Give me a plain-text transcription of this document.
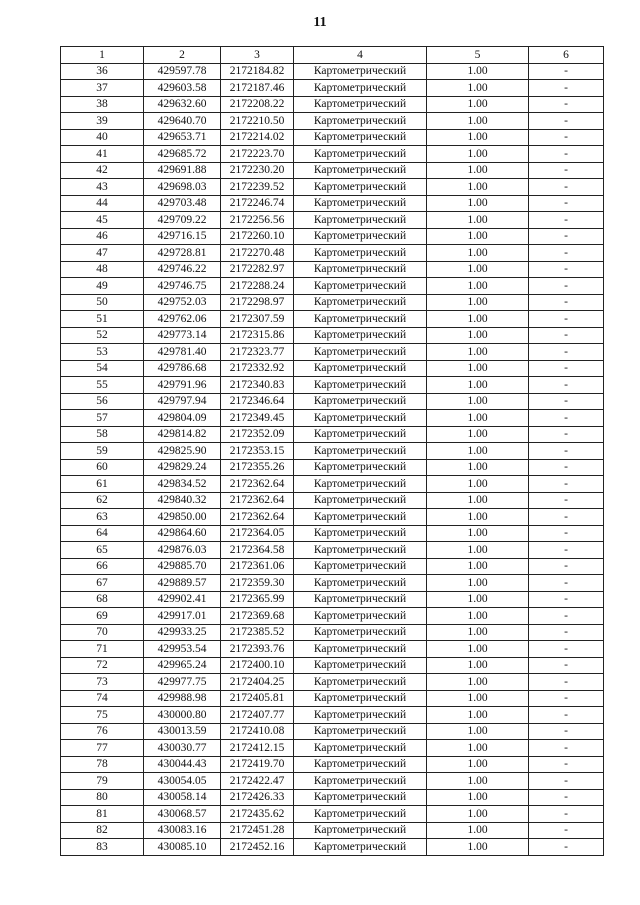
11
1	2	3	4	5	6
36	429597.78	2172184.82	Картометрический	1.00	-
37	429603.58	2172187.46	Картометрический	1.00	-
38	429632.60	2172208.22	Картометрический	1.00	-
39	429640.70	2172210.50	Картометрический	1.00	-
40	429653.71	2172214.02	Картометрический	1.00	-
41	429685.72	2172223.70	Картометрический	1.00	-
42	429691.88	2172230.20	Картометрический	1.00	-
43	429698.03	2172239.52	Картометрический	1.00	-
44	429703.48	2172246.74	Картометрический	1.00	-
45	429709.22	2172256.56	Картометрический	1.00	-
46	429716.15	2172260.10	Картометрический	1.00	-
47	429728.81	2172270.48	Картометрический	1.00	-
48	429746.22	2172282.97	Картометрический	1.00	-
49	429746.75	2172288.24	Картометрический	1.00	-
50	429752.03	2172298.97	Картометрический	1.00	-
51	429762.06	2172307.59	Картометрический	1.00	-
52	429773.14	2172315.86	Картометрический	1.00	-
53	429781.40	2172323.77	Картометрический	1.00	-
54	429786.68	2172332.92	Картометрический	1.00	-
55	429791.96	2172340.83	Картометрический	1.00	-
56	429797.94	2172346.64	Картометрический	1.00	-
57	429804.09	2172349.45	Картометрический	1.00	-
58	429814.82	2172352.09	Картометрический	1.00	-
59	429825.90	2172353.15	Картометрический	1.00	-
60	429829.24	2172355.26	Картометрический	1.00	-
61	429834.52	2172362.64	Картометрический	1.00	-
62	429840.32	2172362.64	Картометрический	1.00	-
63	429850.00	2172362.64	Картометрический	1.00	-
64	429864.60	2172364.05	Картометрический	1.00	-
65	429876.03	2172364.58	Картометрический	1.00	-
66	429885.70	2172361.06	Картометрический	1.00	-
67	429889.57	2172359.30	Картометрический	1.00	-
68	429902.41	2172365.99	Картометрический	1.00	-
69	429917.01	2172369.68	Картометрический	1.00	-
70	429933.25	2172385.52	Картометрический	1.00	-
71	429953.54	2172393.76	Картометрический	1.00	-
72	429965.24	2172400.10	Картометрический	1.00	-
73	429977.75	2172404.25	Картометрический	1.00	-
74	429988.98	2172405.81	Картометрический	1.00	-
75	430000.80	2172407.77	Картометрический	1.00	-
76	430013.59	2172410.08	Картометрический	1.00	-
77	430030.77	2172412.15	Картометрический	1.00	-
78	430044.43	2172419.70	Картометрический	1.00	-
79	430054.05	2172422.47	Картометрический	1.00	-
80	430058.14	2172426.33	Картометрический	1.00	-
81	430068.57	2172435.62	Картометрический	1.00	-
82	430083.16	2172451.28	Картометрический	1.00	-
83	430085.10	2172452.16	Картометрический	1.00	-
